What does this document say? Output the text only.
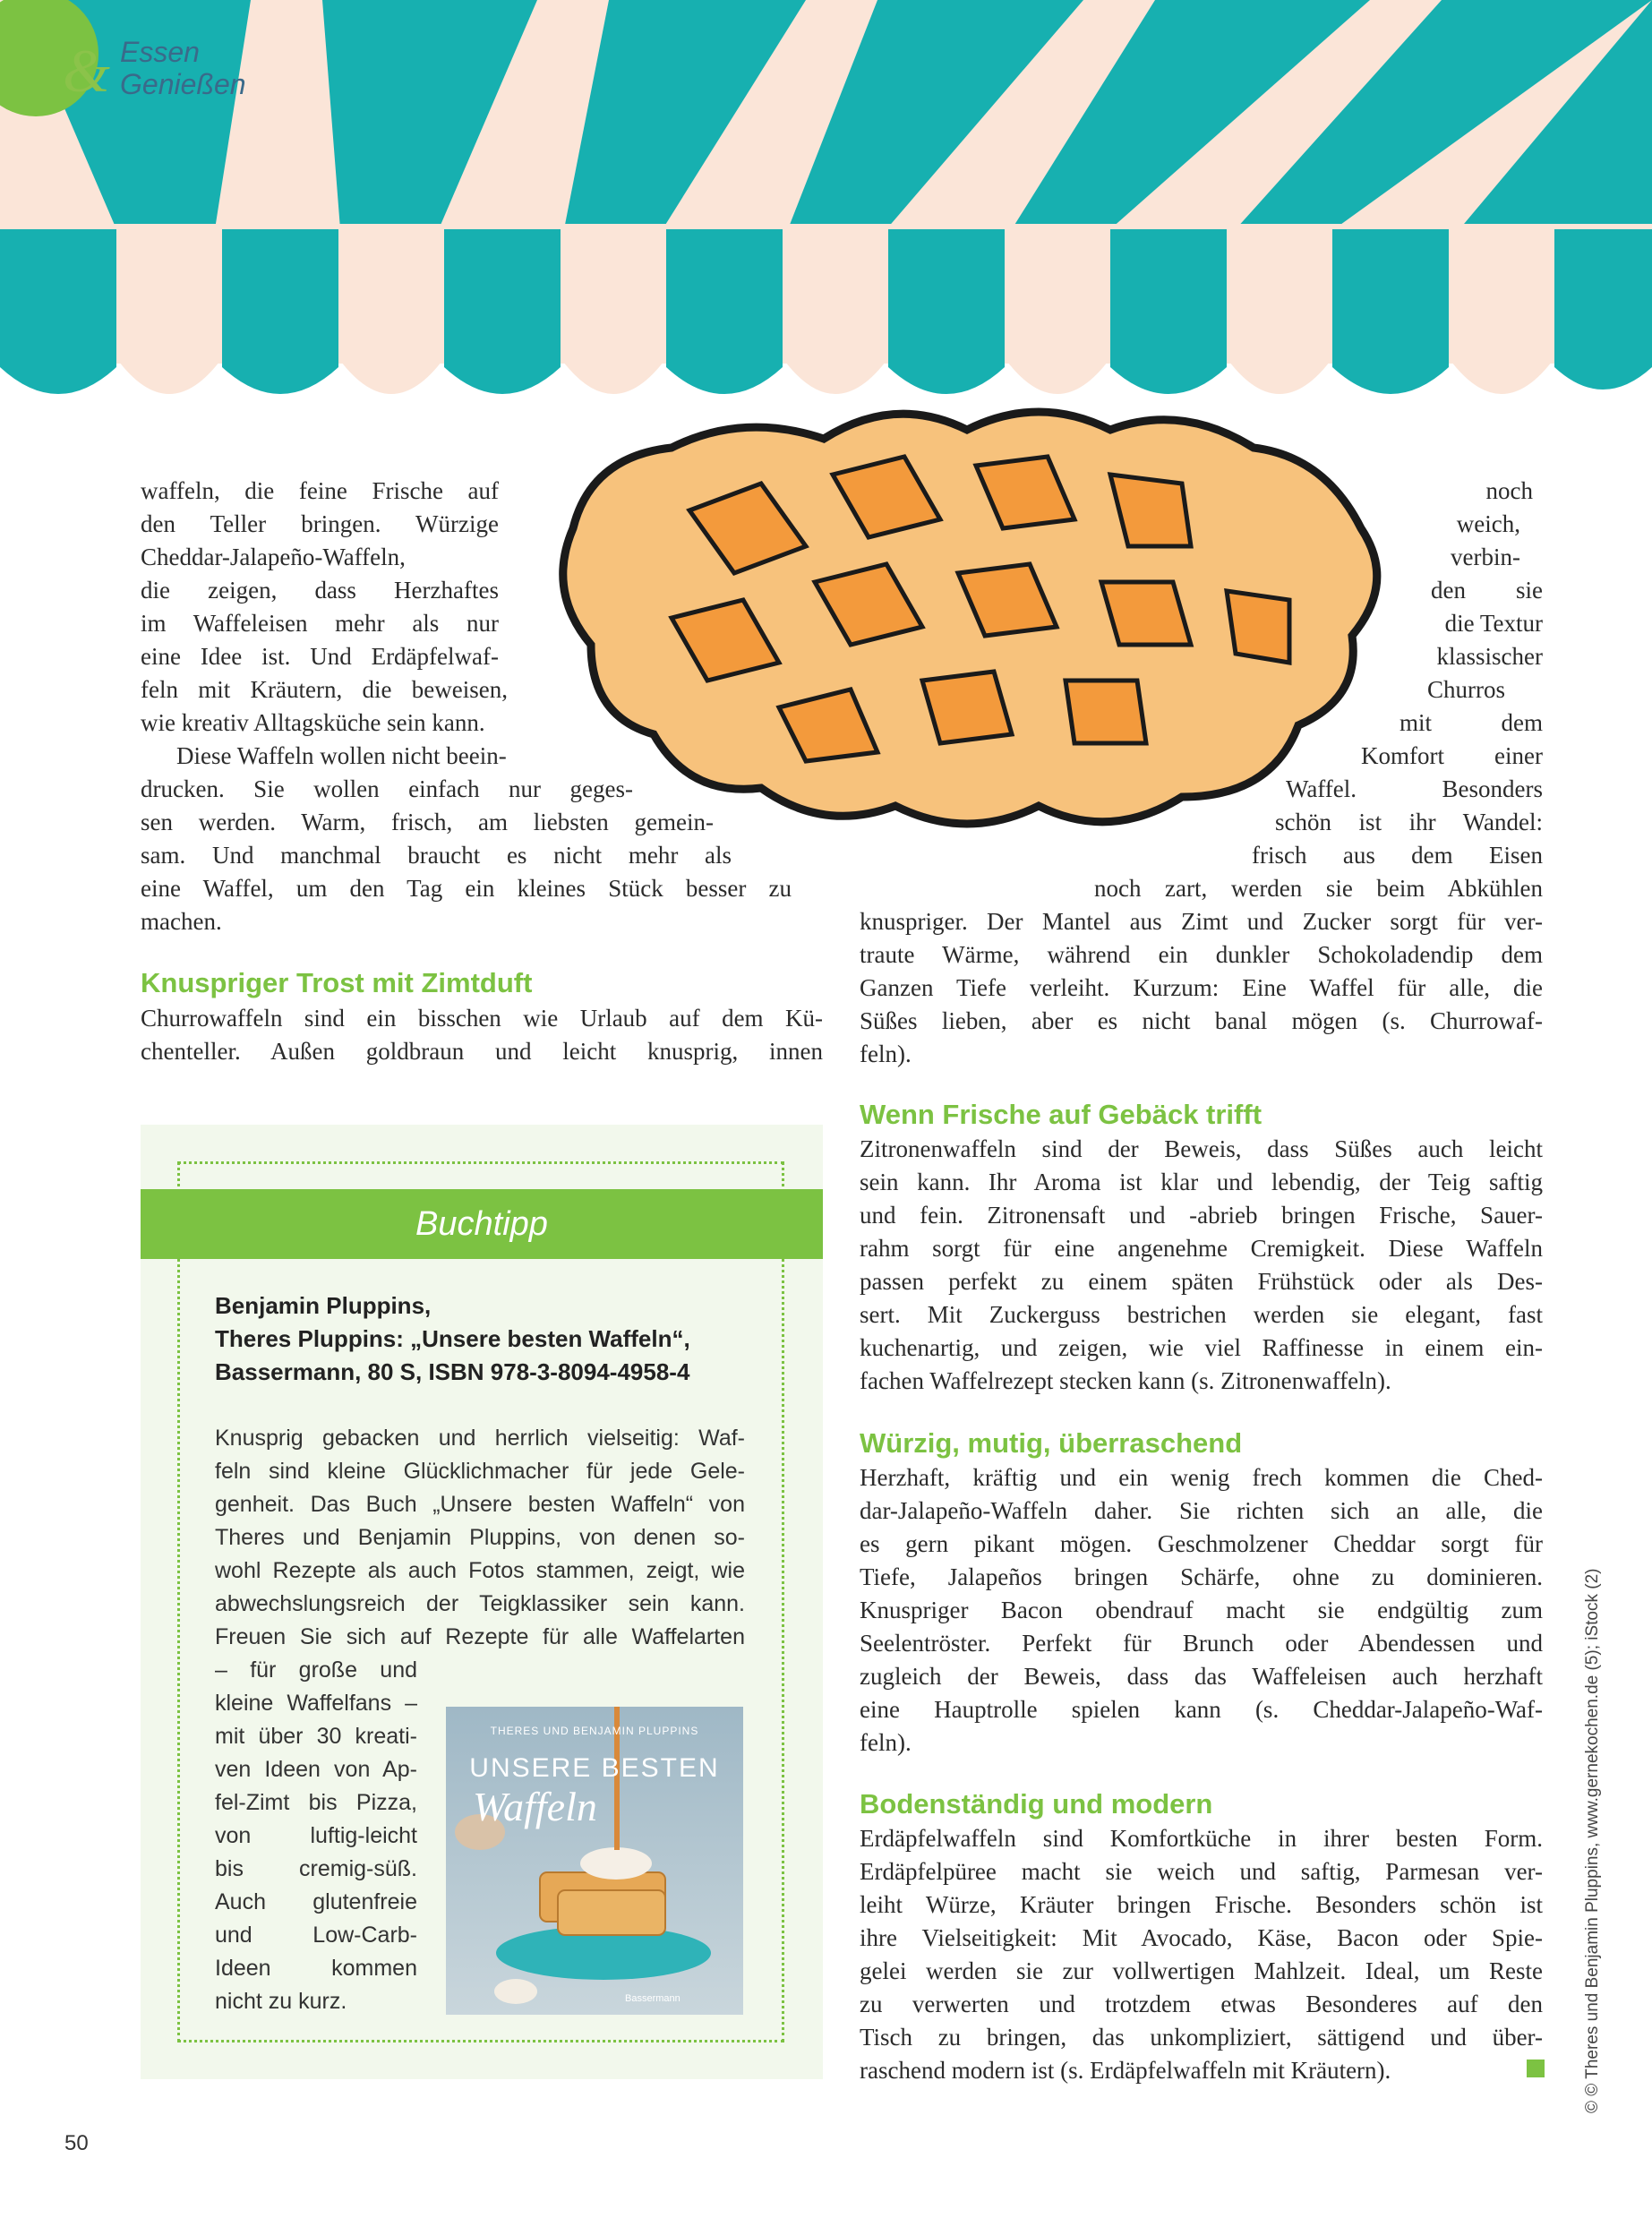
Essen
& Genießen
waffeln, die feine Frische auf
den Teller bringen. Würzige
Cheddar-Jalapeño-Waffeln,
die zeigen, dass Herzhaftes
im Waffeleisen mehr als nur
eine Idee ist. Und Erdäpfelwaf-
feln mit Kräutern, die beweisen,
wie kreativ Alltagsküche sein kann.
Diese Waffeln wollen nicht beein-
drucken. Sie wollen einfach nur geges-
sen werden. Warm, frisch, am liebsten gemein-
sam. Und manchmal braucht es nicht mehr als
eine Waffel, um den Tag ein kleines Stück besser zu
machen.
Knuspriger Trost mit Zimtduft
Churrowaffeln sind ein bisschen wie Urlaub auf dem Kü-
chenteller. Außen goldbraun und leicht knusprig, innen
noch
weich,
verbin-
den sie
die Textur
klassischer
Churros
mit dem
Komfort einer
Waffel. Besonders
schön ist ihr Wandel:
frisch aus dem Eisen
noch zart, werden sie beim Abkühlen
knuspriger. Der Mantel aus Zimt und Zucker sorgt für ver-
traute Wärme, während ein dunkler Schokoladendip dem
Ganzen Tiefe verleiht. Kurzum: Eine Waffel für alle, die
Süßes lieben, aber es nicht banal mögen (s. Churrowaf-
feln).
Wenn Frische auf Gebäck trifft
Zitronenwaffeln sind der Beweis, dass Süßes auch leicht
sein kann. Ihr Aroma ist klar und lebendig, der Teig saftig
und fein. Zitronensaft und -abrieb bringen Frische, Sauer-
rahm sorgt für eine angenehme Cremigkeit. Diese Waffeln
passen perfekt zu einem späten Frühstück oder als Des-
sert. Mit Zuckerguss bestrichen werden sie elegant, fast
kuchenartig, und zeigen, wie viel Raffinesse in einem ein-
fachen Waffelrezept stecken kann (s. Zitronenwaffeln).
Würzig, mutig, überraschend
Herzhaft, kräftig und ein wenig frech kommen die Ched-
dar-Jalapeño-Waffeln daher. Sie richten sich an alle, die
es gern pikant mögen. Geschmolzener Cheddar sorgt für
Tiefe, Jalapeños bringen Schärfe, ohne zu dominieren.
Knuspriger Bacon obendrauf macht sie endgültig zum
Seelentröster. Perfekt für Brunch oder Abendessen und
zugleich der Beweis, dass das Waffeleisen auch herzhaft
eine Hauptrolle spielen kann (s. Cheddar-Jalapeño-Waf-
feln).
Bodenständig und modern
Erdäpfelwaffeln sind Komfortküche in ihrer besten Form.
Erdäpfelpüree macht sie weich und saftig, Parmesan ver-
leiht Würze, Kräuter bringen Frische. Besonders schön ist
ihre Vielseitigkeit: Mit Avocado, Käse, Bacon oder Spie-
gelei werden sie zur vollwertigen Mahlzeit. Ideal, um Reste
zu verwerten und trotzdem etwas Besonderes auf den
Tisch zu bringen, das unkompliziert, sättigend und über-
raschend modern ist (s. Erdäpfelwaffeln mit Kräutern).
Buchtipp
Benjamin Pluppins,
Theres Pluppins: „Unsere besten Waffeln“,
Bassermann, 80 S, ISBN 978-3-8094-4958-4
Knusprig gebacken und herrlich vielseitig: Waf-
feln sind kleine Glücklichmacher für jede Gele-
genheit. Das Buch „Unsere besten Waffeln“ von
Theres und Benjamin Pluppins, von denen so-
wohl Rezepte als auch Fotos stammen, zeigt, wie
abwechslungsreich der Teigklassiker sein kann.
Freuen Sie sich auf Rezepte für alle Waffelarten
– für große und
kleine Waffelfans –
mit über 30 kreati-
ven Ideen von Ap-
fel-Zimt bis Pizza,
von luftig-leicht
bis cremig-süß.
Auch glutenfreie
und Low-Carb-
Ideen kommen
nicht zu kurz.
THERES UND BENJAMIN PLUPPINS
UNSERE BESTEN
Waffeln
Bassermann
50
© © Theres und Benjamin Pluppins, www.gernekochen.de (5); iStock (2)
